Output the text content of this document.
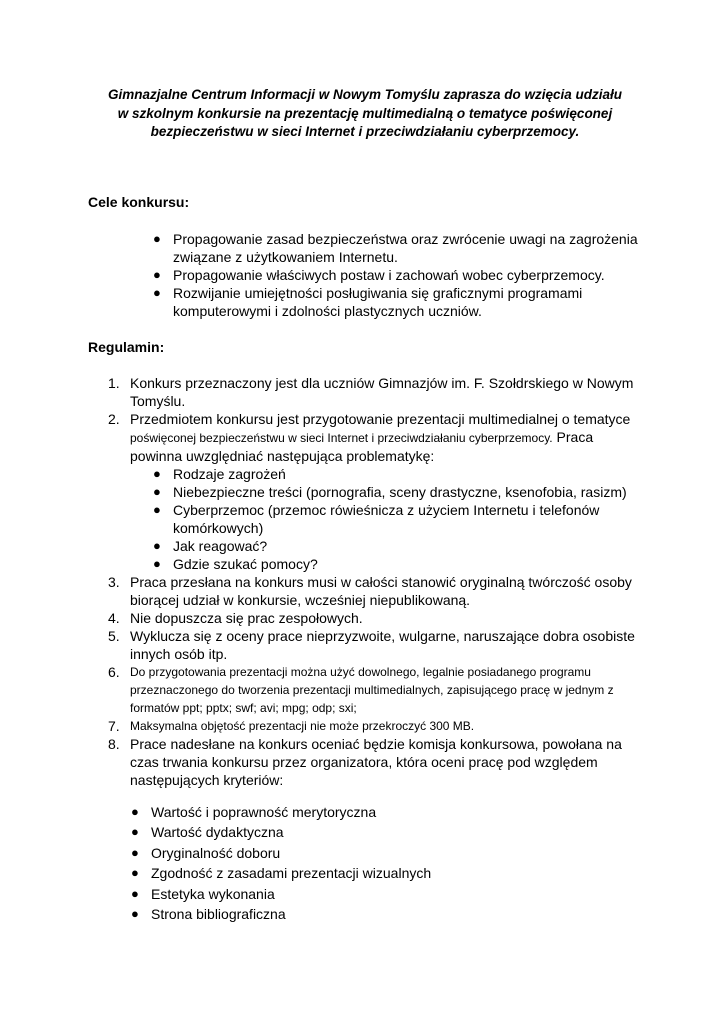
Gimnazjalne Centrum Informacji w Nowym Tomyślu zaprasza do wzięcia udziału
w szkolnym konkursie na prezentację multimedialną o tematyce poświęconej
bezpieczeństwu w sieci Internet i przeciwdziałaniu cyberprzemocy.
Cele konkursu:
● Propagowanie zasad bezpieczeństwa oraz zwrócenie uwagi na zagrożenia związane z użytkowaniem Internetu.
● Propagowanie właściwych postaw i zachowań wobec cyberprzemocy.
● Rozwijanie umiejętności posługiwania się graficznymi programami komputerowymi i zdolności plastycznych uczniów.
Regulamin:
1. Konkurs przeznaczony jest dla uczniów Gimnazjów im. F. Szołdrskiego w Nowym Tomyślu.
2. Przedmiotem konkursu jest przygotowanie prezentacji multimedialnej o tematyce
poświęconej bezpieczeństwu w sieci Internet i przeciwdziałaniu cyberprzemocy. Praca powinna uwzględniać następująca problematykę:
● Rodzaje zagrożeń
● Niebezpieczne treści (pornografia, sceny drastyczne, ksenofobia, rasizm)
● Cyberprzemoc (przemoc rówieśnicza z użyciem Internetu i telefonów komórkowych)
● Jak reagować?
● Gdzie szukać pomocy?
3. Praca przesłana na konkurs musi w całości stanowić oryginalną twórczość osoby biorącej udział w konkursie, wcześniej niepublikowaną.
4. Nie dopuszcza się prac zespołowych.
5. Wyklucza się z oceny prace nieprzyzwoite, wulgarne, naruszające dobra osobiste innych osób itp.
6. Do przygotowania prezentacji można użyć dowolnego, legalnie posiadanego programu przeznaczonego do tworzenia prezentacji multimedialnych, zapisującego pracę w jednym z formatów ppt; pptx; swf; avi; mpg; odp; sxi;
7. Maksymalna objętość prezentacji nie może przekroczyć 300 MB.
8. Prace nadesłane na konkurs oceniać będzie komisja konkursowa, powołana na czas trwania konkursu przez organizatora, która oceni pracę pod względem następujących kryteriów:
● Wartość i poprawność merytoryczna
● Wartość dydaktyczna
● Oryginalność doboru
● Zgodność z zasadami prezentacji wizualnych
● Estetyka wykonania
● Strona bibliograficzna
